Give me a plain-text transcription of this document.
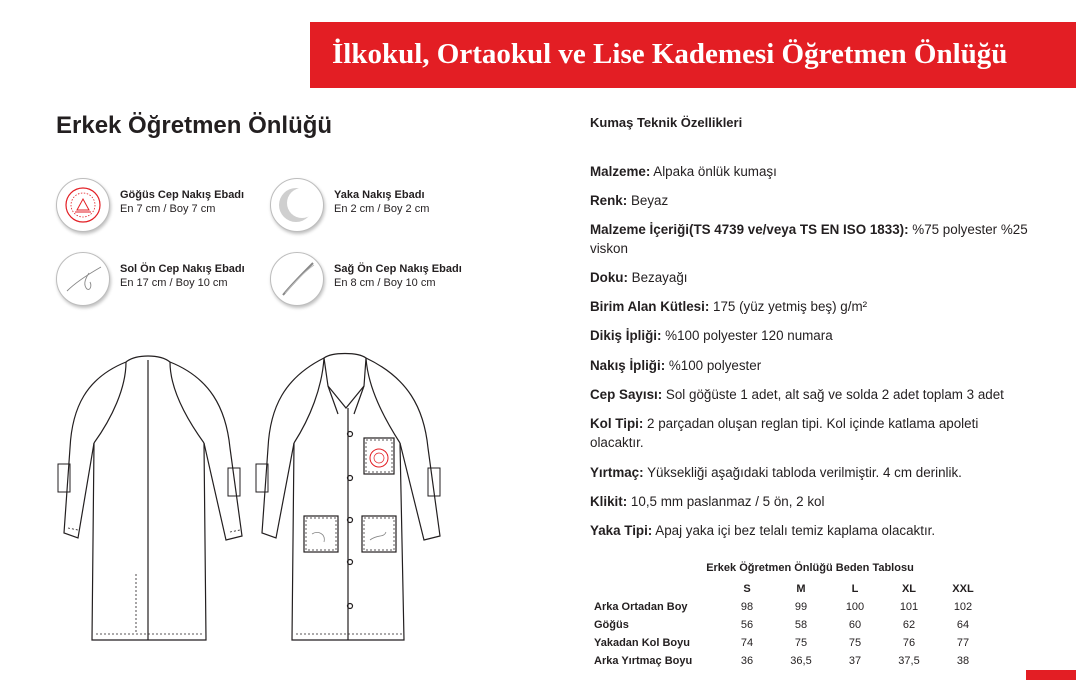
İlkokul, Ortaokul ve Lise Kademesi Öğretmen Önlüğü
Erkek Öğretmen Önlüğü
Göğüs Cep Nakış Ebadı
En 7 cm / Boy 7 cm
Yaka Nakış Ebadı
En 2 cm / Boy 2 cm
Sol Ön Cep Nakış Ebadı
En 17 cm / Boy 10 cm
Sağ Ön Cep Nakış Ebadı
En 8 cm / Boy 10 cm
Kumaş Teknik Özellikleri
Malzeme: Alpaka önlük kumaşı
Renk: Beyaz
Malzeme İçeriği(TS 4739 ve/veya TS EN ISO 1833): %75 polyester %25 viskon
Doku: Bezayağı
Birim Alan Kütlesi: 175 (yüz yetmiş beş) g/m²
Dikiş İpliği: %100 polyester 120 numara
Nakış İpliği: %100 polyester
Cep Sayısı: Sol göğüste 1 adet, alt sağ ve solda 2 adet toplam 3 adet
Kol Tipi: 2 parçadan oluşan reglan tipi. Kol içinde katlama apoleti olacaktır.
Yırtmaç: Yüksekliği aşağıdaki tabloda verilmiştir. 4 cm derinlik.
Klikit: 10,5 mm paslanmaz / 5 ön, 2 kol
Yaka Tipi: Apaj yaka içi bez telalı temiz kaplama olacaktır.
Erkek Öğretmen Önlüğü Beden Tablosu
	S	M	L	XL	XXL
Arka Ortadan Boy	98	99	100	101	102
Göğüs	56	58	60	62	64
Yakadan Kol Boyu	74	75	75	76	77
Arka Yırtmaç Boyu	36	36,5	37	37,5	38
